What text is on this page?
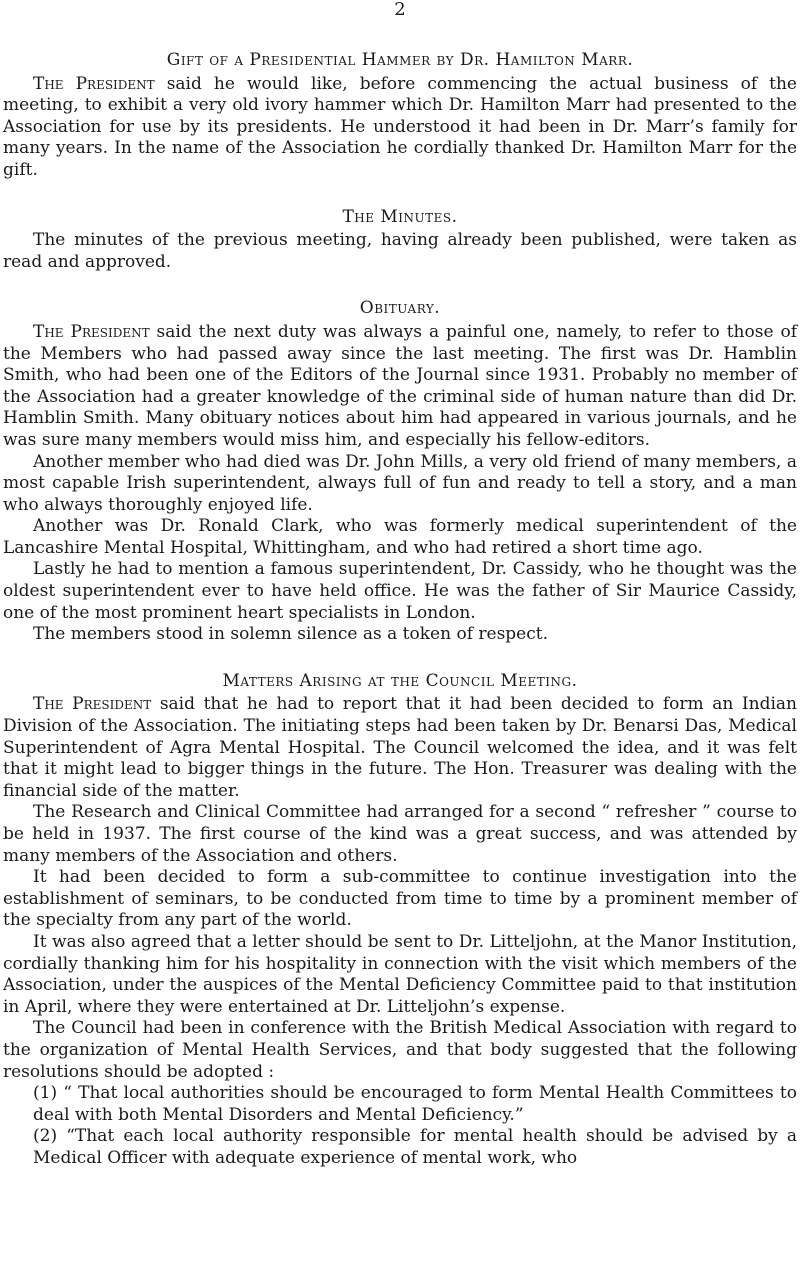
2
Gift of a Presidential Hammer by Dr. Hamilton Marr.

The President said he would like, before commencing the actual business of the meeting, to exhibit a very old ivory hammer which Dr. Hamilton Marr had presented to the Association for use by its presidents. He understood it had been in Dr. Marr’s family for many years. In the name of the Association he cordially thanked Dr. Hamilton Marr for the gift.

The Minutes.

The minutes of the previous meeting, having already been published, were taken as read and approved.

Obituary.

The President said the next duty was always a painful one, namely, to refer to those of the Members who had passed away since the last meeting. The first was Dr. Hamblin Smith, who had been one of the Editors of the Journal since 1931. Probably no member of the Association had a greater knowledge of the criminal side of human nature than did Dr. Hamblin Smith. Many obituary notices about him had appeared in various journals, and he was sure many members would miss him, and especially his fellow-editors.

Another member who had died was Dr. John Mills, a very old friend of many members, a most capable Irish superintendent, always full of fun and ready to tell a story, and a man who always thoroughly enjoyed life.

Another was Dr. Ronald Clark, who was formerly medical superintendent of the Lancashire Mental Hospital, Whittingham, and who had retired a short time ago.

Lastly he had to mention a famous superintendent, Dr. Cassidy, who he thought was the oldest superintendent ever to have held office. He was the father of Sir Maurice Cassidy, one of the most prominent heart specialists in London.

The members stood in solemn silence as a token of respect.

Matters Arising at the Council Meeting.

The President said that he had to report that it had been decided to form an Indian Division of the Association. The initiating steps had been taken by Dr. Benarsi Das, Medical Superintendent of Agra Mental Hospital. The Council welcomed the idea, and it was felt that it might lead to bigger things in the future. The Hon. Treasurer was dealing with the financial side of the matter.

The Research and Clinical Committee had arranged for a second “ refresher ” course to be held in 1937. The first course of the kind was a great success, and was attended by many members of the Association and others.

It had been decided to form a sub-committee to continue investigation into the establishment of seminars, to be conducted from time to time by a prominent member of the specialty from any part of the world.

It was also agreed that a letter should be sent to Dr. Litteljohn, at the Manor Institution, cordially thanking him for his hospitality in connection with the visit which members of the Association, under the auspices of the Mental Deficiency Committee paid to that institution in April, where they were entertained at Dr. Litteljohn’s expense.

The Council had been in conference with the British Medical Association with regard to the organization of Mental Health Services, and that body suggested that the following resolutions should be adopted :

(1) “ That local authorities should be encouraged to form Mental Health Committees to deal with both Mental Disorders and Mental Deficiency.”

(2) “That each local authority responsible for mental health should be advised by a Medical Officer with adequate experience of mental work, who
